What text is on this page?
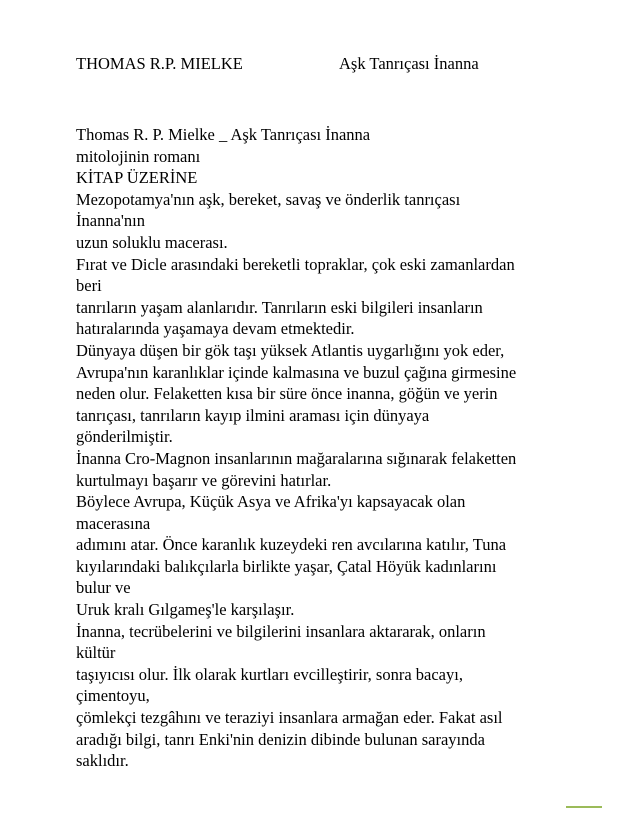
THOMAS R.P. MIELKE	Aşk Tanrıçası İnanna
Thomas R. P. Mielke _ Aşk Tanrıçası İnanna
mitolojinin romanı
KİTAP ÜZERİNE
Mezopotamya'nın aşk, bereket, savaş ve önderlik tanrıçası
İnanna'nın
uzun soluklu macerası.
Fırat ve Dicle arasındaki bereketli topraklar, çok eski zamanlardan
beri
tanrıların yaşam alanlarıdır. Tanrıların eski bilgileri insanların
hatıralarında yaşamaya devam etmektedir.
Dünyaya düşen bir gök taşı yüksek Atlantis uygarlığını yok eder,
Avrupa'nın karanlıklar içinde kalmasına ve buzul çağına girmesine
neden olur. Felaketten kısa bir süre önce inanna, göğün ve yerin
tanrıçası, tanrıların kayıp ilmini araması için dünyaya
gönderilmiştir.
İnanna Cro-Magnon insanlarının mağaralarına sığınarak felaketten
kurtulmayı başarır ve görevini hatırlar.
Böylece Avrupa, Küçük Asya ve Afrika'yı kapsayacak olan
macerasına
adımını atar. Önce karanlık kuzeydeki ren avcılarına katılır, Tuna
kıyılarındaki balıkçılarla birlikte yaşar, Çatal Höyük kadınlarını
bulur ve
Uruk kralı Gılgameş'le karşılaşır.
İnanna, tecrübelerini ve bilgilerini insanlara aktararak, onların
kültür
taşıyıcısı olur. İlk olarak kurtları evcilleştirir, sonra bacayı,
çimentoyu,
çömlekçi tezgâhını ve teraziyi insanlara armağan eder. Fakat asıl
aradığı bilgi, tanrı Enki'nin denizin dibinde bulunan sarayında
saklıdır.
